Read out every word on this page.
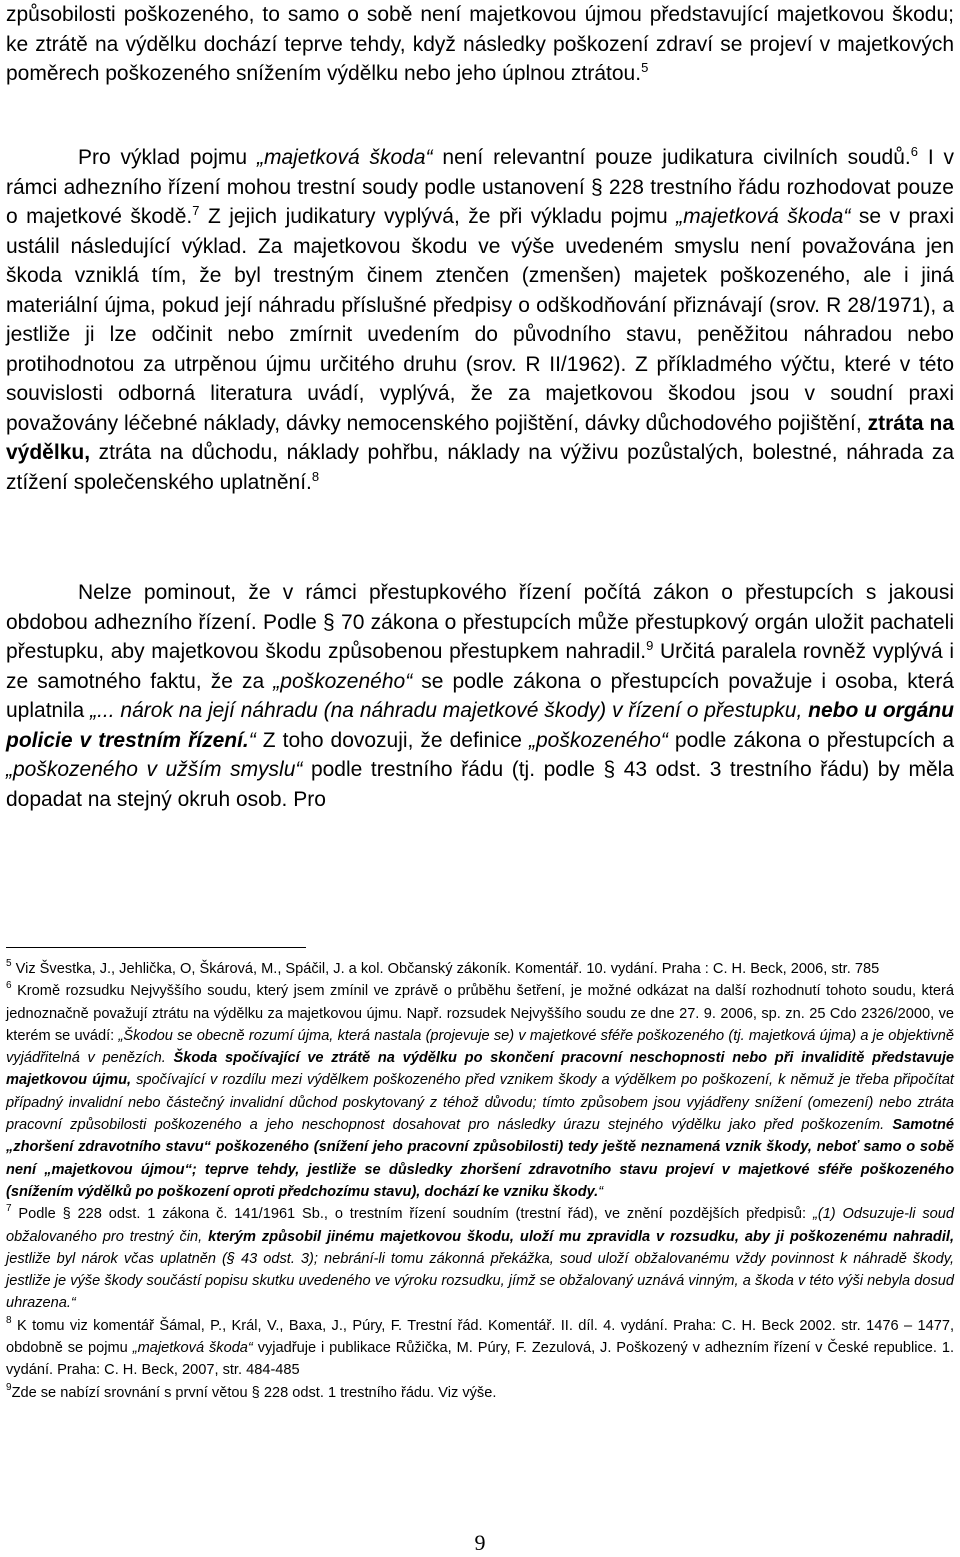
způsobilosti poškozeného, to samo o sobě není majetkovou újmou představující majetkovou škodu; ke ztrátě na výdělku dochází teprve tehdy, když následky poškození zdraví se projeví v majetkových poměrech poškozeného snížením výdělku nebo jeho úplnou ztrátou.$^5$

Pro výklad pojmu „majetková škoda“ není relevantní pouze judikatura civilních soudů.$^6$ I v rámci adhezního řízení mohou trestní soudy podle ustanovení § 228 trestního řádu rozhodovat pouze o majetkové škodě.$^7$ Z jejich judikatury vyplývá, že při výkladu pojmu „majetková škoda“ se v praxi ustálil následující výklad. Za majetkovou škodu ve výše uvedeném smyslu není považována jen škoda vzniklá tím, že byl trestným činem ztenčen (zmenšen) majetek poškozeného, ale i jiná materiální újma, pokud její náhradu příslušné předpisy o odškodňování přiznávají (srov. R 28/1971), a jestliže ji lze odčinit nebo zmírnit uvedením do původního stavu, peněžitou náhradou nebo protihodnotou za utrpěnou újmu určitého druhu (srov. R II/1962). Z příkladmého výčtu, které v této souvislosti odborná literatura uvádí, vyplývá, že za majetkovou škodou jsou v soudní praxi považovány léčebné náklady, dávky nemocenského pojištění, dávky důchodového pojištění, ztráta na výdělku, ztráta na důchodu, náklady pohřbu, náklady na výživu pozůstalých, bolestné, náhrada za ztížení společenského uplatnění.$^8$

Nelze pominout, že v rámci přestupkového řízení počítá zákon o přestupcích s jakousi obdobou adhezního řízení. Podle § 70 zákona o přestupcích může přestupkový orgán uložit pachateli přestupku, aby majetkovou škodu způsobenou přestupkem nahradil.$^9$ Určitá paralela rovněž vyplývá i ze samotného faktu, že za „poškozeného“ se podle zákona o přestupcích považuje i osoba, která uplatnila „... nárok na její náhradu (na náhradu majetkové škody) v řízení o přestupku, nebo u orgánu policie v trestním řízení.“ Z toho dovozuji, že definice „poškozeného“ podle zákona o přestupcích a „poškozeného v užším smyslu“ podle trestního řádu (tj. podle § 43 odst. 3 trestního řádu) by měla dopadat na stejný okruh osob. Pro

$^5$ Viz Švestka, J., Jehlička, O, Škárová, M., Spáčil, J. a kol. Občanský zákoník. Komentář. 10. vydání. Praha : C. H. Beck, 2006, str. 785

$^6$ Kromě rozsudku Nejvyššího soudu, který jsem zmínil ve zprávě o průběhu šetření, je možné odkázat na další rozhodnutí tohoto soudu, která jednoznačně považují ztrátu na výdělku za majetkovou újmu. Např. rozsudek Nejvyššího soudu ze dne 27. 9. 2006, sp. zn. 25 Cdo 2326/2000, ve kterém se uvádí: „Škodou se obecně rozumí újma, která nastala (projevuje se) v majetkové sféře poškozeného (tj. majetková újma) a je objektivně vyjádřitelná v penězích. Škoda spočívající ve ztrátě na výdělku po skončení pracovní neschopnosti nebo při invaliditě představuje majetkovou újmu, spočívající v rozdílu mezi výdělkem poškozeného před vznikem škody a výdělkem po poškození, k němuž je třeba připočítat případný invalidní nebo částečný invalidní důchod poskytovaný z téhož důvodu; tímto způsobem jsou vyjádřeny snížení (omezení) nebo ztráta pracovní způsobilosti poškozeného a jeho neschopnost dosahovat pro následky úrazu stejného výdělku jako před poškozením. Samotné „zhoršení zdravotního stavu“ poškozeného (snížení jeho pracovní způsobilosti) tedy ještě neznamená vznik škody, neboť samo o sobě není „majetkovou újmou“; teprve tehdy, jestliže se důsledky zhoršení zdravotního stavu projeví v majetkové sféře poškozeného (snížením výdělků po poškození oproti předchozímu stavu), dochází ke vzniku škody.“

$^7$ Podle § 228 odst. 1 zákona č. 141/1961 Sb., o trestním řízení soudním (trestní řád), ve znění pozdějších předpisů: „(1) Odsuzuje-li soud obžalovaného pro trestný čin, kterým způsobil jinému majetkovou škodu, uloží mu zpravidla v rozsudku, aby ji poškozenému nahradil, jestliže byl nárok včas uplatněn (§ 43 odst. 3); nebrání-li tomu zákonná překážka, soud uloží obžalovanému vždy povinnost k náhradě škody, jestliže je výše škody součástí popisu skutku uvedeného ve výroku rozsudku, jímž se obžalovaný uznává vinným, a škoda v této výši nebyla dosud uhrazena.“

$^8$ K tomu viz komentář Šámal, P., Král, V., Baxa, J., Púry, F. Trestní řád. Komentář. II. díl. 4. vydání. Praha: C. H. Beck 2002. str. 1476 – 1477, obdobně se pojmu „majetková škoda“ vyjadřuje i publikace Růžička, M. Púry, F. Zezulová, J. Poškozený v adhezním řízení v České republice. 1. vydání. Praha: C. H. Beck, 2007, str. 484-485

$^9$Zde se nabízí srovnání s první větou § 228 odst. 1 trestního řádu. Viz výše.

9
